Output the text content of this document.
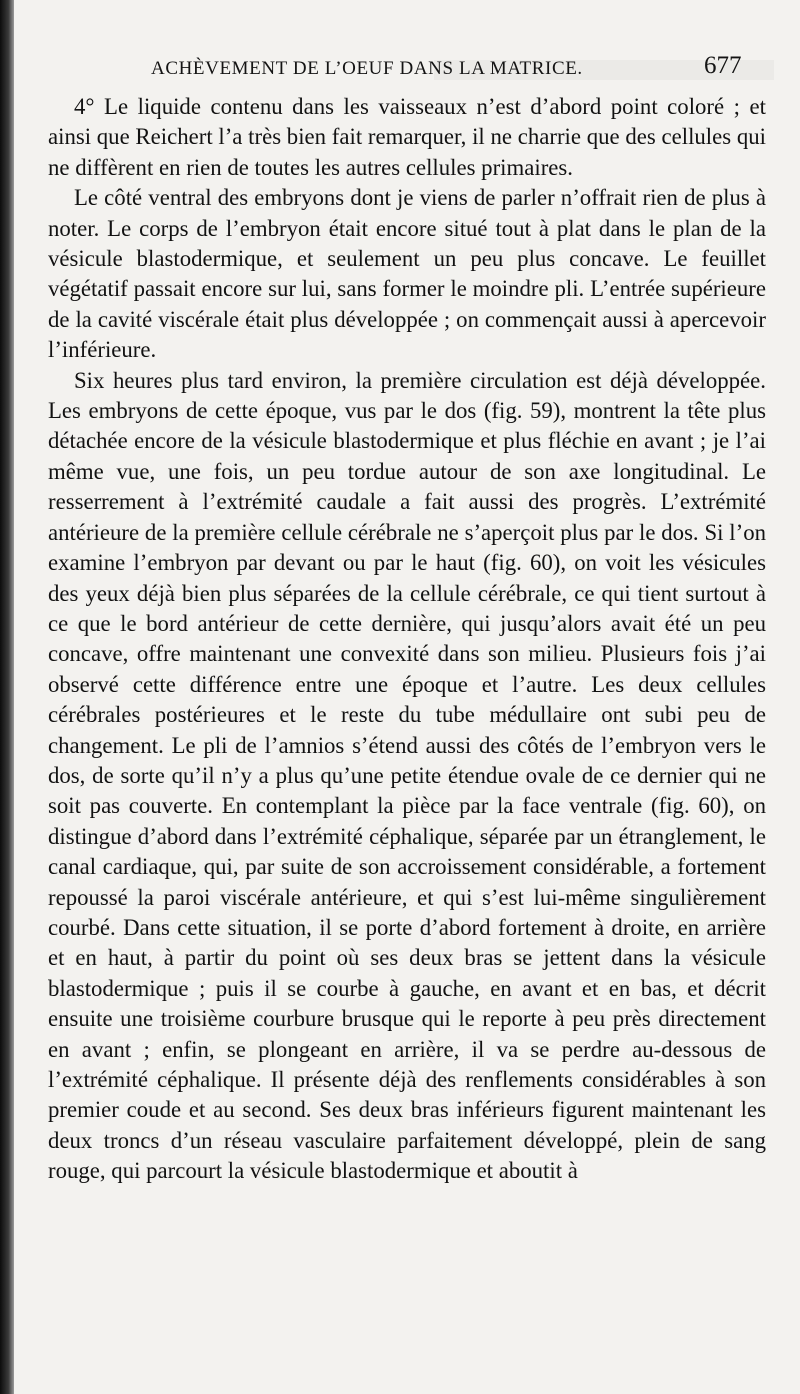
ACHÈVEMENT DE L’OEUF DANS LA MATRICE.	677

4° Le liquide contenu dans les vaisseaux n’est d’abord point coloré ; et ainsi que Reichert l’a très bien fait remarquer, il ne charrie que des cellules qui ne diffèrent en rien de toutes les autres cellules primaires.

Le côté ventral des embryons dont je viens de parler n’offrait rien de plus à noter. Le corps de l’embryon était encore situé tout à plat dans le plan de la vésicule blastodermique, et seulement un peu plus concave. Le feuillet végétatif passait encore sur lui, sans former le moindre pli. L’entrée supérieure de la cavité viscérale était plus développée ; on commençait aussi à apercevoir l’inférieure.

Six heures plus tard environ, la première circulation est déjà développée. Les embryons de cette époque, vus par le dos (fig. 59), montrent la tête plus détachée encore de la vésicule blastodermique et plus fléchie en avant ; je l’ai même vue, une fois, un peu tordue autour de son axe longitudinal. Le resserrement à l’extrémité caudale a fait aussi des progrès. L’extrémité antérieure de la première cellule cérébrale ne s’aperçoit plus par le dos. Si l’on examine l’embryon par devant ou par le haut (fig. 60), on voit les vésicules des yeux déjà bien plus séparées de la cellule cérébrale, ce qui tient surtout à ce que le bord antérieur de cette dernière, qui jusqu’alors avait été un peu concave, offre maintenant une convexité dans son milieu. Plusieurs fois j’ai observé cette différence entre une époque et l’autre. Les deux cellules cérébrales postérieures et le reste du tube médullaire ont subi peu de changement. Le pli de l’amnios s’étend aussi des côtés de l’embryon vers le dos, de sorte qu’il n’y a plus qu’une petite étendue ovale de ce dernier qui ne soit pas couverte. En contemplant la pièce par la face ventrale (fig. 60), on distingue d’abord dans l’extrémité céphalique, séparée par un étranglement, le canal cardiaque, qui, par suite de son accroissement considérable, a fortement repoussé la paroi viscérale antérieure, et qui s’est lui-même singulièrement courbé. Dans cette situation, il se porte d’abord fortement à droite, en arrière et en haut, à partir du point où ses deux bras se jettent dans la vésicule blastodermique ; puis il se courbe à gauche, en avant et en bas, et décrit ensuite une troisième courbure brusque qui le reporte à peu près directement en avant ; enfin, se plongeant en arrière, il va se perdre au-dessous de l’extrémité céphalique. Il présente déjà des renflements considérables à son premier coude et au second. Ses deux bras inférieurs figurent maintenant les deux troncs d’un réseau vasculaire parfaitement développé, plein de sang rouge, qui parcourt la vésicule blastodermique et aboutit à
